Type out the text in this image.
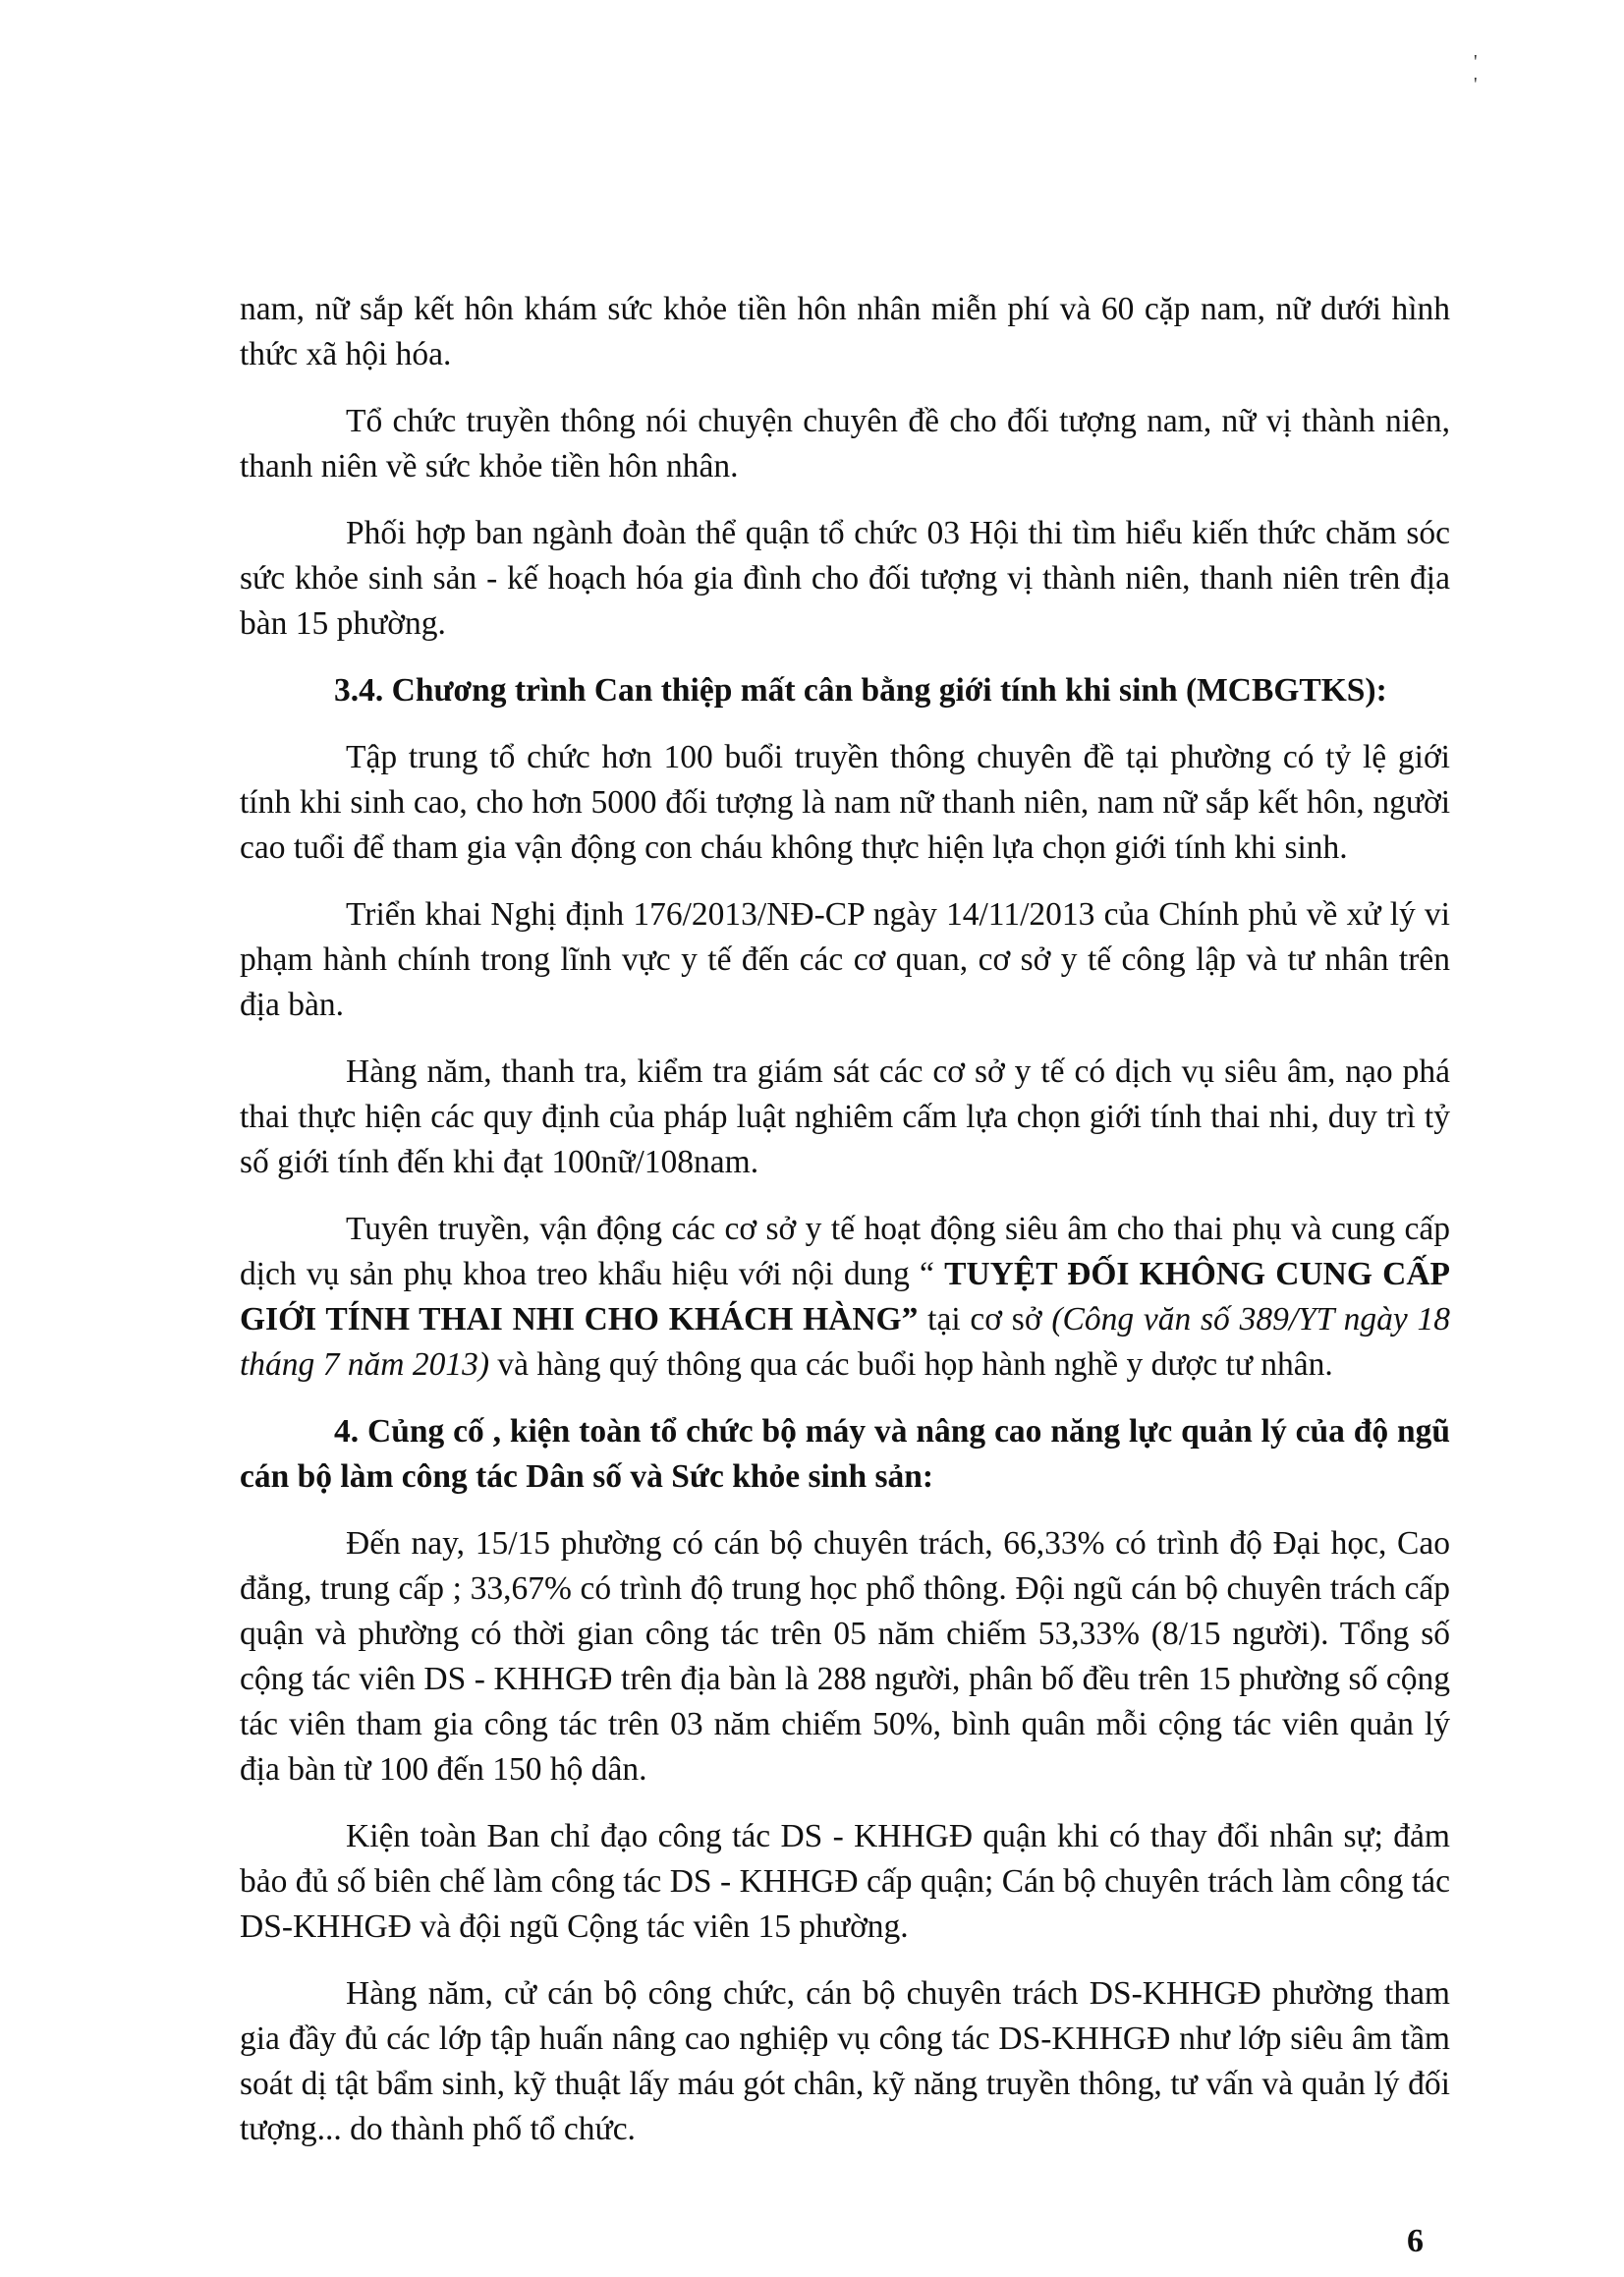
' '

nam, nữ sắp kết hôn khám sức khỏe tiền hôn nhân miễn phí và 60 cặp nam, nữ dưới hình thức xã hội hóa.

Tổ chức truyền thông nói chuyện chuyên đề cho đối tượng nam, nữ vị thành niên, thanh niên về sức khỏe tiền hôn nhân.

Phối hợp ban ngành đoàn thể quận tổ chức 03 Hội thi tìm hiểu kiến thức chăm sóc sức khỏe sinh sản - kế hoạch hóa gia đình cho đối tượng vị thành niên, thanh niên trên địa bàn 15 phường.

3.4. Chương trình Can thiệp mất cân bằng giới tính khi sinh (MCBGTKS):

Tập trung tổ chức hơn 100 buổi truyền thông chuyên đề tại phường có tỷ lệ giới tính khi sinh cao, cho hơn 5000 đối tượng là nam nữ thanh niên, nam nữ sắp kết hôn, người cao tuổi để tham gia vận động con cháu không thực hiện lựa chọn giới tính khi sinh.

Triển khai Nghị định 176/2013/NĐ-CP ngày 14/11/2013 của Chính phủ về xử lý vi phạm hành chính trong lĩnh vực y tế đến các cơ quan, cơ sở y tế công lập và tư nhân trên địa bàn.

Hàng năm, thanh tra, kiểm tra giám sát các cơ sở y tế có dịch vụ siêu âm, nạo phá thai thực hiện các quy định của pháp luật nghiêm cấm lựa chọn giới tính thai nhi, duy trì tỷ số giới tính đến khi đạt 100nữ/108nam.

Tuyên truyền, vận động các cơ sở y tế hoạt động siêu âm cho thai phụ và cung cấp dịch vụ sản phụ khoa treo khẩu hiệu với nội dung “ TUYỆT ĐỐI KHÔNG CUNG CẤP GIỚI TÍNH THAI NHI CHO KHÁCH HÀNG” tại cơ sở (Công văn số 389/YT ngày 18 tháng 7 năm 2013) và hàng quý thông qua các buổi họp hành nghề y dược tư nhân.

4. Củng cố , kiện toàn tổ chức bộ máy và nâng cao năng lực quản lý của độ ngũ cán bộ làm công tác Dân số và Sức khỏe sinh sản:

Đến nay, 15/15 phường có cán bộ chuyên trách, 66,33% có trình độ Đại học, Cao đẳng, trung cấp ; 33,67% có trình độ trung học phổ thông. Đội ngũ cán bộ chuyên trách cấp quận và phường có thời gian công tác trên 05 năm chiếm 53,33% (8/15 người). Tổng số cộng tác viên DS - KHHGĐ trên địa bàn là 288 người, phân bố đều trên 15 phường số cộng tác viên tham gia công tác trên 03 năm chiếm 50%, bình quân mỗi cộng tác viên quản lý địa bàn từ 100 đến 150 hộ dân.

Kiện toàn Ban chỉ đạo công tác DS - KHHGĐ quận khi có thay đổi nhân sự; đảm bảo đủ số biên chế làm công tác DS - KHHGĐ cấp quận; Cán bộ chuyên trách làm công tác DS-KHHGĐ và đội ngũ Cộng tác viên 15 phường.

Hàng năm, cử cán bộ công chức, cán bộ chuyên trách DS-KHHGĐ phường tham gia đầy đủ các lớp tập huấn nâng cao nghiệp vụ công tác DS-KHHGĐ như lớp siêu âm tầm soát dị tật bẩm sinh, kỹ thuật lấy máu gót chân, kỹ năng truyền thông, tư vấn và quản lý đối tượng... do thành phố tổ chức.

6
